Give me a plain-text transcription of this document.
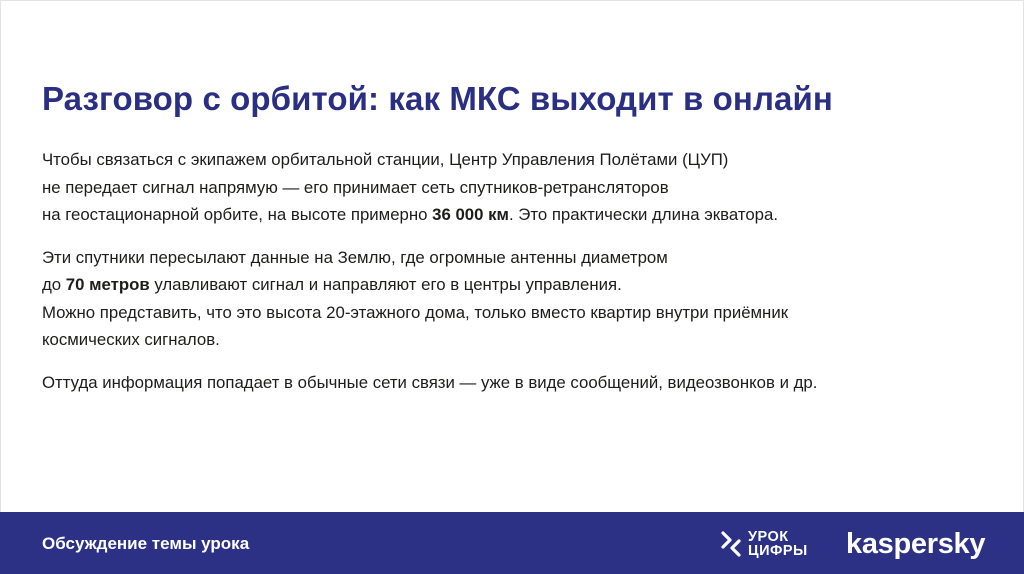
Разговор с орбитой: как МКС выходит в онлайн

Чтобы связаться с экипажем орбитальной станции, Центр Управления Полётами (ЦУП)

не передает сигнал напрямую — его принимает сеть спутников-ретрансляторов

на геостационарной орбите, на высоте примерно 36 000 км. Это практически длина экватора.

Эти спутники пересылают данные на Землю, где огромные антенны диаметром

до 70 метров улавливают сигнал и направляют его в центры управления.

Можно представить, что это высота 20-этажного дома, только вместо квартир внутри приёмник

космических сигналов.

Оттуда информация попадает в обычные сети связи — уже в виде сообщений, видеозвонков и др.

Обсуждение темы урока	УРОК
ЦИФРЫ kaspersky
